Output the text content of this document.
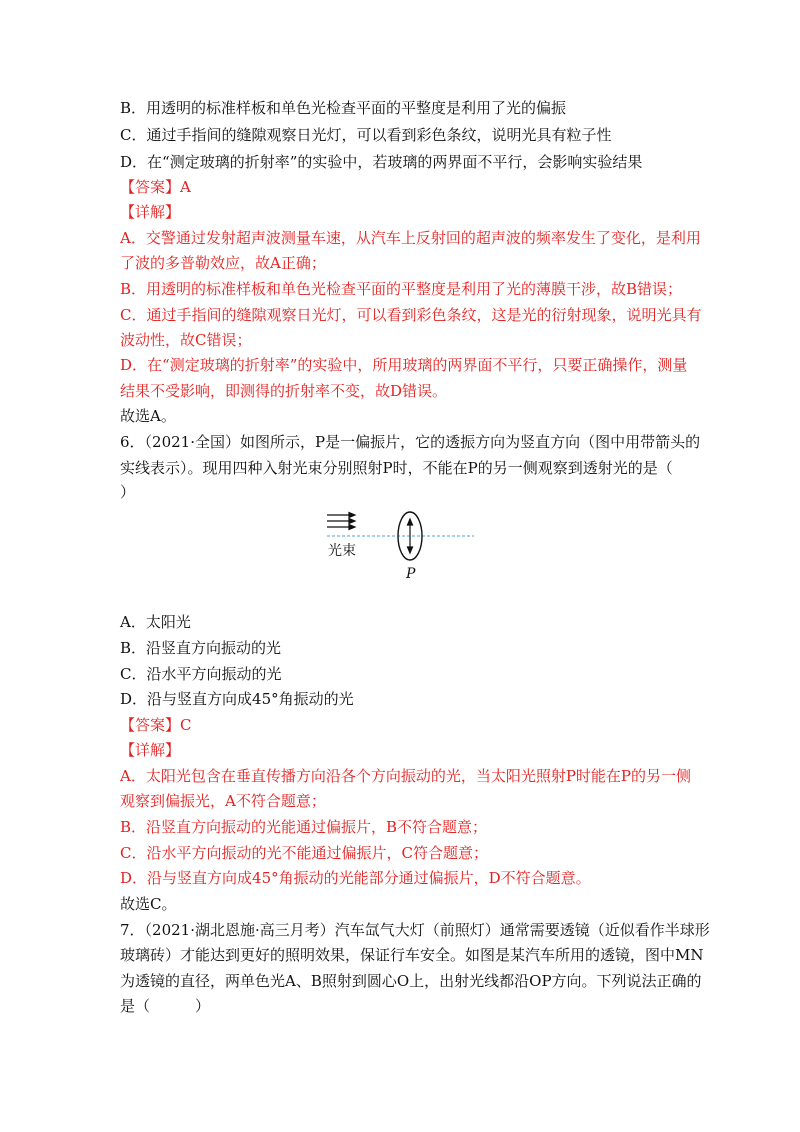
B．用透明的标准样板和单色光检查平面的平整度是利用了光的偏振
C．通过手指间的缝隙观察日光灯，可以看到彩色条纹，说明光具有粒子性
D．在“测定玻璃的折射率”的实验中，若玻璃的两界面不平行，会影响实验结果
【答案】A
【详解】
A．交警通过发射超声波测量车速，从汽车上反射回的超声波的频率发生了变化，是利用
了波的多普勒效应，故A正确；
B．用透明的标准样板和单色光检查平面的平整度是利用了光的薄膜干涉，故B错误；
C．通过手指间的缝隙观察日光灯，可以看到彩色条纹，这是光的衍射现象，说明光具有
波动性，故C错误；
D．在“测定玻璃的折射率”的实验中，所用玻璃的两界面不平行，只要正确操作，测量
结果不受影响，即测得的折射率不变，故D错误。
故选A。
6．（2021·全国）如图所示，P是一偏振片，它的透振方向为竖直方向（图中用带箭头的
实线表示）。现用四种入射光束分别照射P时，不能在P的另一侧观察到透射光的是（
）
光束
P
A．太阳光
B．沿竖直方向振动的光
C．沿水平方向振动的光
D．沿与竖直方向成45°角振动的光
【答案】C
【详解】
A．太阳光包含在垂直传播方向沿各个方向振动的光，当太阳光照射P时能在P的另一侧
观察到偏振光，A不符合题意；
B．沿竖直方向振动的光能通过偏振片，B不符合题意；
C．沿水平方向振动的光不能通过偏振片，C符合题意；
D．沿与竖直方向成45°角振动的光能部分通过偏振片，D不符合题意。
故选C。
7．（2021·湖北恩施·高三月考）汽车氙气大灯（前照灯）通常需要透镜（近似看作半球形
玻璃砖）才能达到更好的照明效果，保证行车安全。如图是某汽车所用的透镜，图中MN
为透镜的直径，两单色光A、B照射到圆心O上，出射光线都沿OP方向。下列说法正确的
是（　　　）
